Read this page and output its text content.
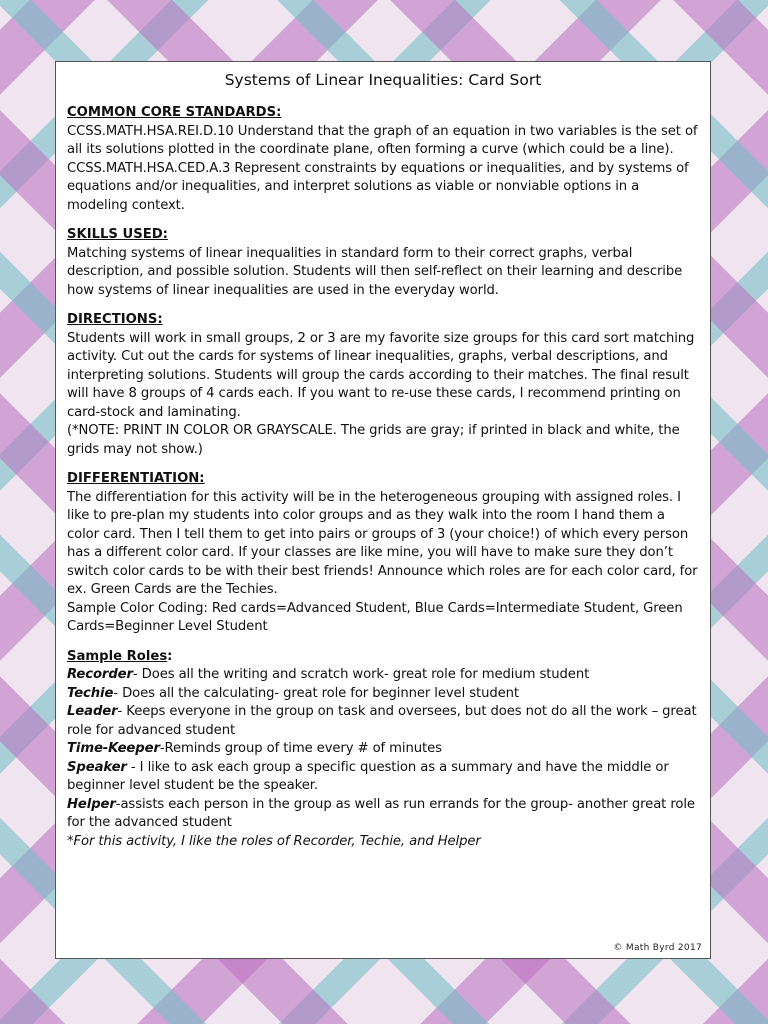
Systems of Linear Inequalities: Card Sort
COMMON CORE STANDARDS:

CCSS.MATH.HSA.REI.D.10 Understand that the graph of an equation in two variables is the set of all its solutions plotted in the coordinate plane, often forming a curve (which could be a line).

CCSS.MATH.HSA.CED.A.3 Represent constraints by equations or inequalities, and by systems of equations and/or inequalities, and interpret solutions as viable or nonviable options in a modeling context.

SKILLS USED:

Matching systems of linear inequalities in standard form to their correct graphs, verbal description, and possible solution. Students will then self-reflect on their learning and describe how systems of linear inequalities are used in the everyday world.

DIRECTIONS:

Students will work in small groups, 2 or 3 are my favorite size groups for this card sort matching activity. Cut out the cards for systems of linear inequalities, graphs, verbal descriptions, and interpreting solutions. Students will group the cards according to their matches. The final result will have 8 groups of 4 cards each. If you want to re-use these cards, I recommend printing on card-stock and laminating.

(*NOTE: PRINT IN COLOR OR GRAYSCALE. The grids are gray; if printed in black and white, the grids may not show.)

DIFFERENTIATION:

The differentiation for this activity will be in the heterogeneous grouping with assigned roles. I like to pre-plan my students into color groups and as they walk into the room I hand them a color card. Then I tell them to get into pairs or groups of 3 (your choice!) of which every person has a different color card. If your classes are like mine, you will have to make sure they don’t switch color cards to be with their best friends! Announce which roles are for each color card, for ex. Green Cards are the Techies.

Sample Color Coding: Red cards=Advanced Student, Blue Cards=Intermediate Student, Green Cards=Beginner Level Student

Sample Roles:

Recorder- Does all the writing and scratch work- great role for medium student

Techie- Does all the calculating- great role for beginner level student

Leader- Keeps everyone in the group on task and oversees, but does not do all the work – great role for advanced student

Time-Keeper-Reminds group of time every # of minutes

Speaker - I like to ask each group a specific question as a summary and have the middle or beginner level student be the speaker.

Helper-assists each person in the group as well as run errands for the group- another great role for the advanced student

*For this activity, I like the roles of Recorder, Techie, and Helper

© Math Byrd 2017
